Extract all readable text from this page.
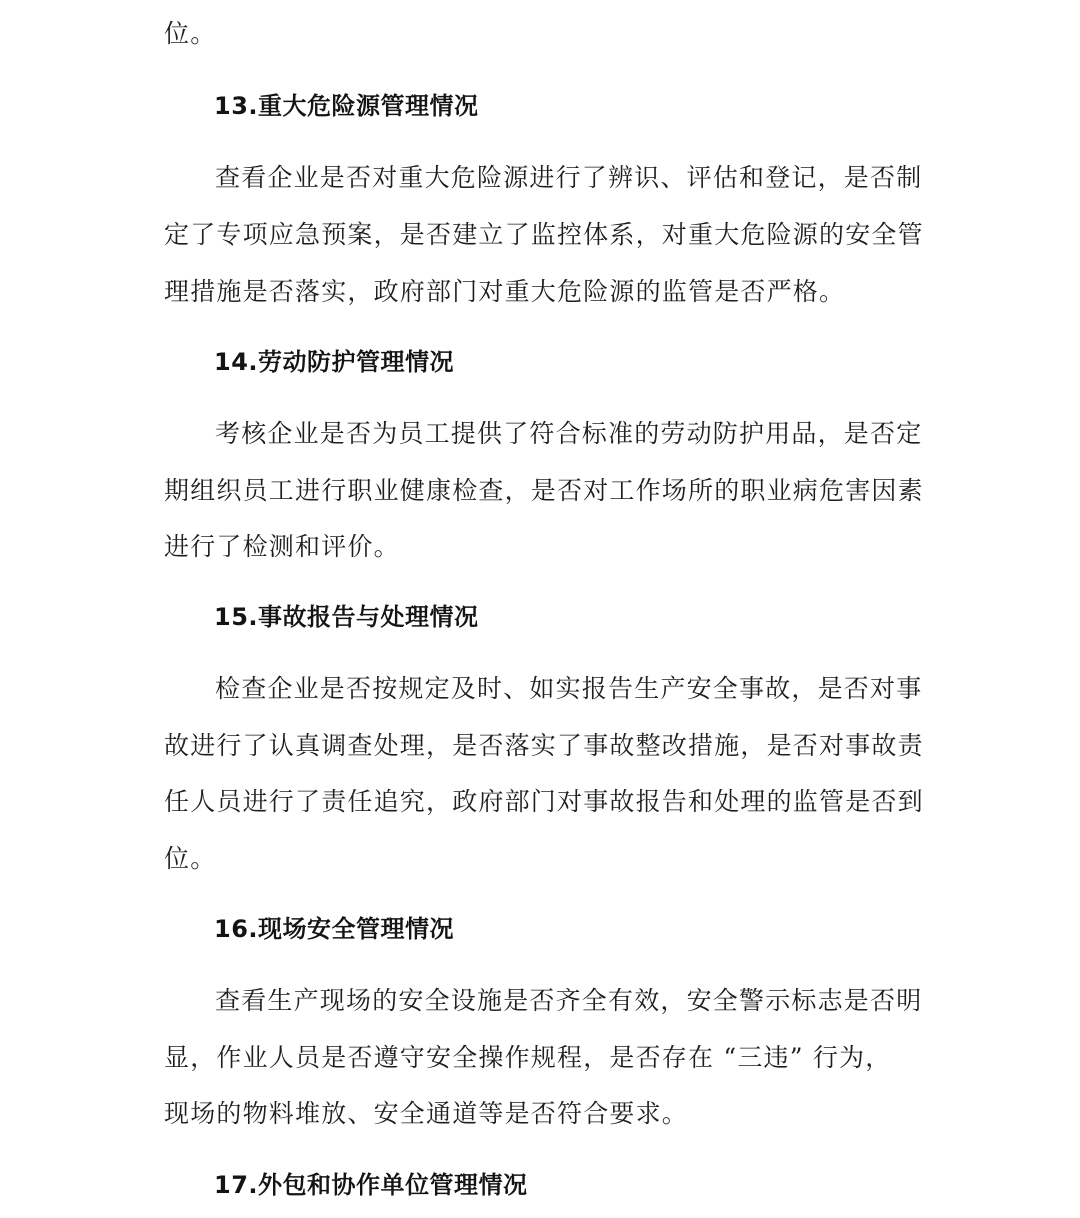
位。
13.重大危险源管理情况
查看企业是否对重大危险源进行了辨识、评估和登记，是否制
定了专项应急预案，是否建立了监控体系，对重大危险源的安全管
理措施是否落实，政府部门对重大危险源的监管是否严格。
14.劳动防护管理情况
考核企业是否为员工提供了符合标准的劳动防护用品，是否定
期组织员工进行职业健康检查，是否对工作场所的职业病危害因素
进行了检测和评价。
15.事故报告与处理情况
检查企业是否按规定及时、如实报告生产安全事故，是否对事
故进行了认真调查处理，是否落实了事故整改措施，是否对事故责
任人员进行了责任追究，政府部门对事故报告和处理的监管是否到
位。
16.现场安全管理情况
查看生产现场的安全设施是否齐全有效，安全警示标志是否明
显，作业人员是否遵守安全操作规程，是否存在 “三违” 行为，
现场的物料堆放、安全通道等是否符合要求。
17.外包和协作单位管理情况
